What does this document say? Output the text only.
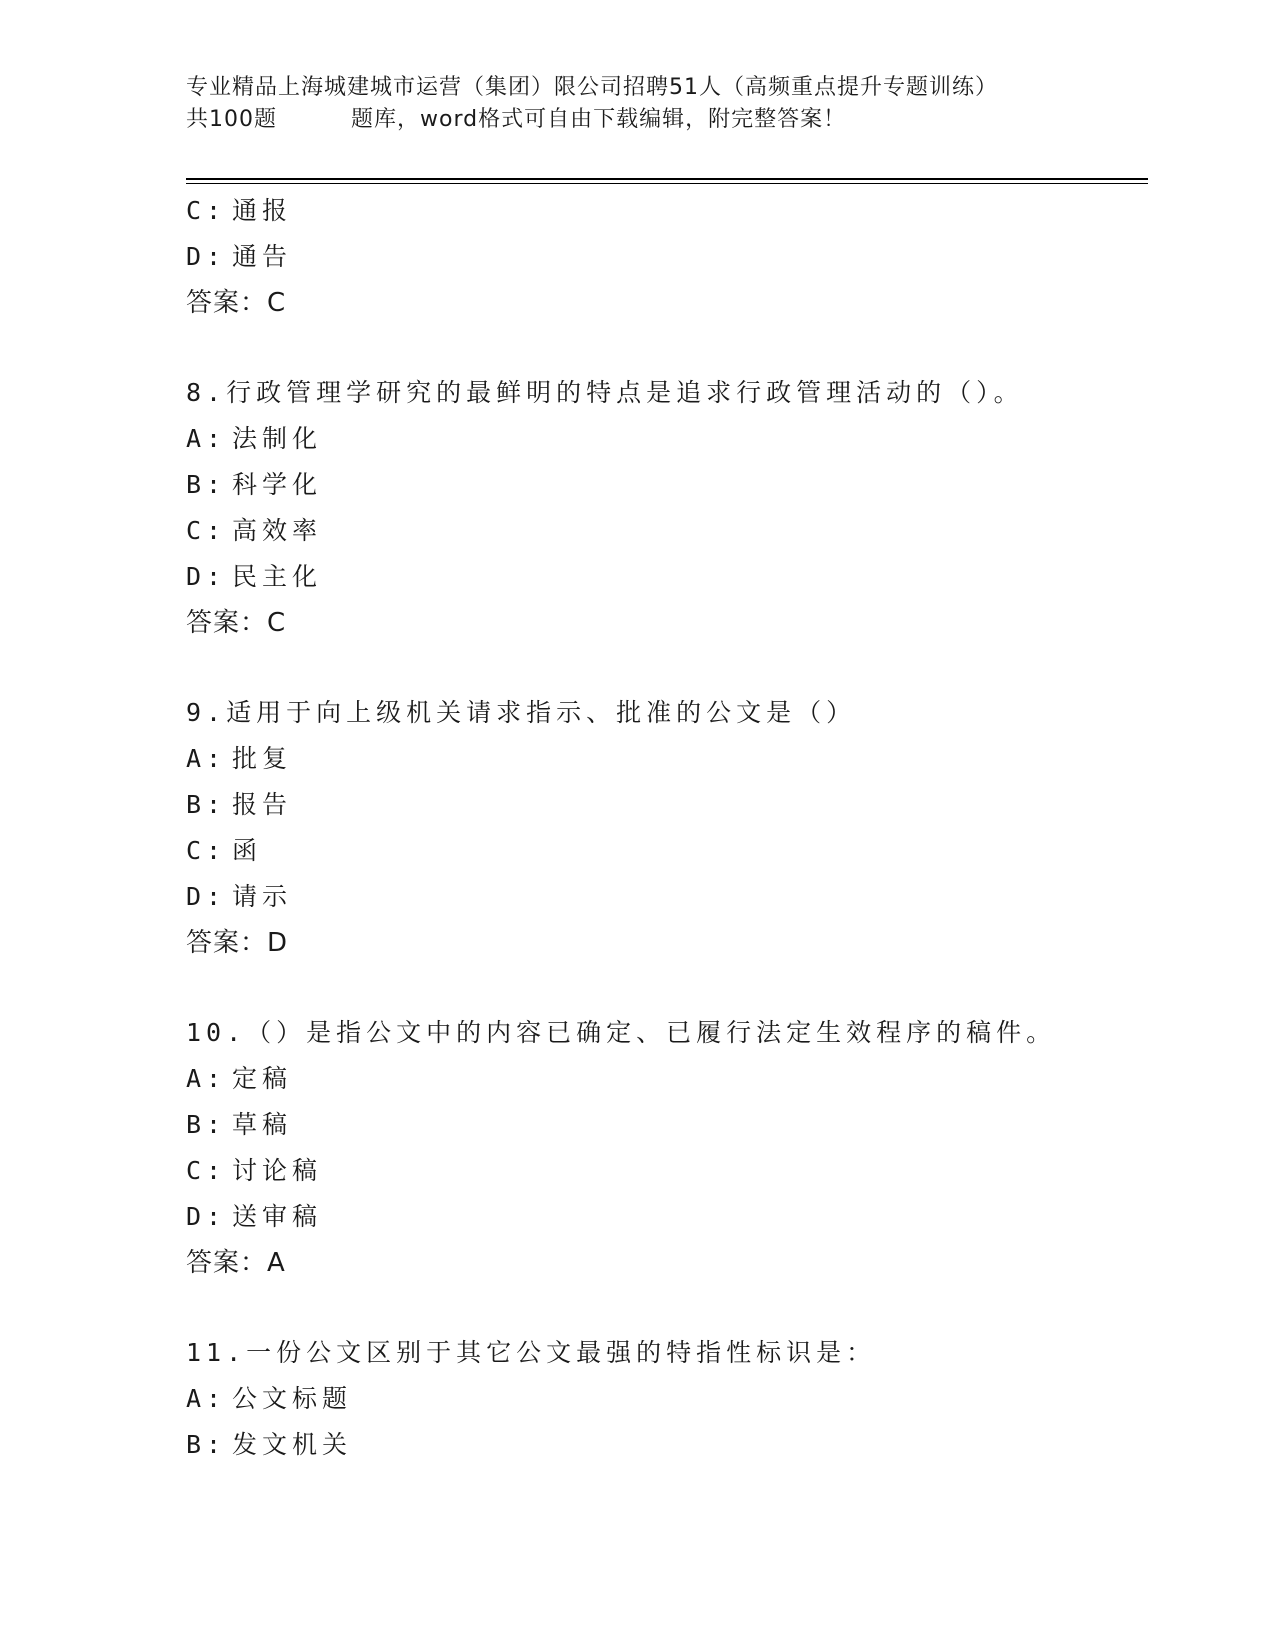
专业精品上海城建城市运营（集团）限公司招聘51人（高频重点提升专题训练）
共100题	题库，word格式可自由下载编辑，附完整答案！
C: 通报
D: 通告
答案：C
8.行政管理学研究的最鲜明的特点是追求行政管理活动的（）。
A: 法制化
B: 科学化
C: 高效率
D: 民主化
答案：C
9.适用于向上级机关请求指示、批准的公文是（）
A: 批复
B: 报告
C: 函
D: 请示
答案：D
10.（）是指公文中的内容已确定、已履行法定生效程序的稿件。
A: 定稿
B: 草稿
C: 讨论稿
D: 送审稿
答案：A
11.一份公文区别于其它公文最强的特指性标识是：
A: 公文标题
B: 发文机关
